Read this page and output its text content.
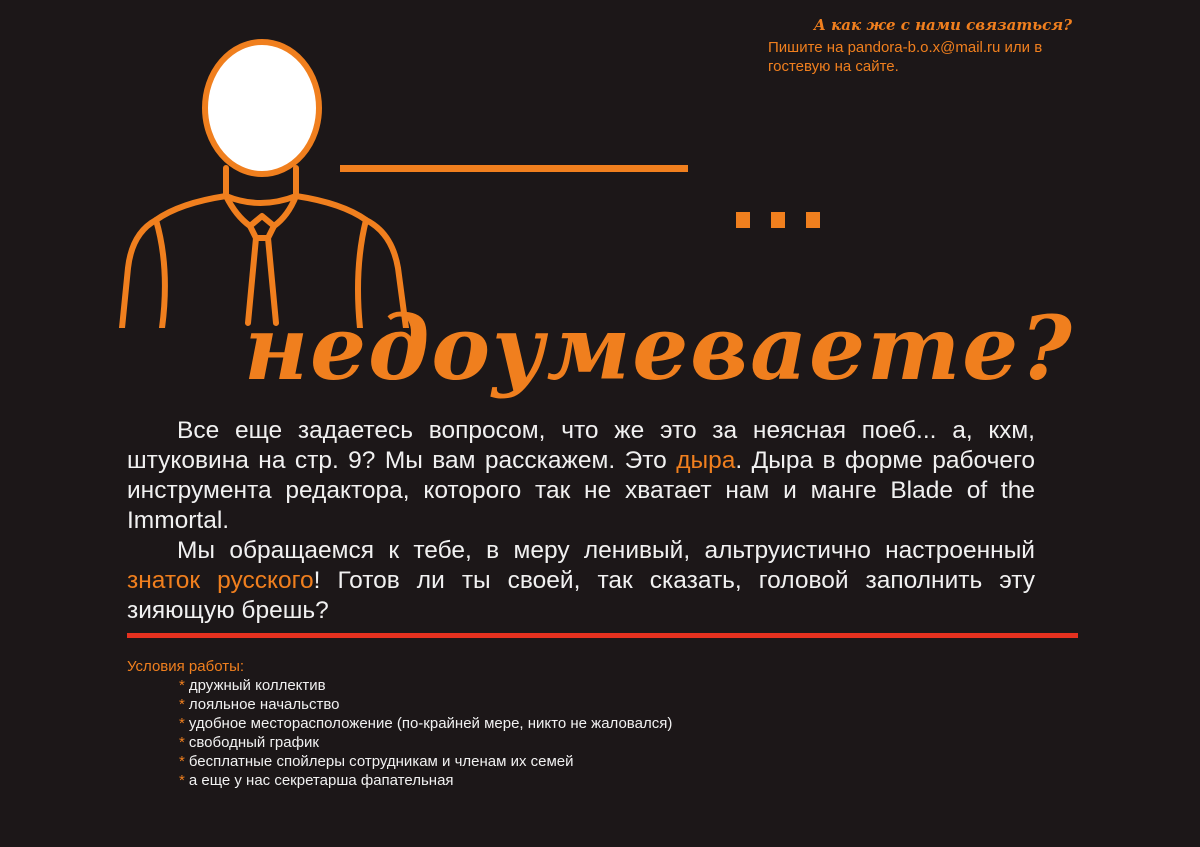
А как же с нами связаться?

Пишите на pandora-b.o.x@mail.ru или в
гостевую на сайте.

недоумеваете?

Все еще задаетесь вопросом, что же это за неясная поеб... а, кхм, штуковина на стр. 9? Мы вам расскажем. Это дыра. Дыра в форме рабочего инструмента редактора, которого так не хватает нам и манге Blade of the Immortal.

Мы обращаемся к тебе, в меру ленивый, альтруистично настроенный знаток русского! Готов ли ты своей, так сказать, головой заполнить эту зияющую брешь?

Условия работы:

* дружный коллектив
* лояльное начальство
* удобное месторасположение (по-крайней мере, никто не жаловался)
* свободный график
* бесплатные спойлеры сотрудникам и членам их семей
* а еще у нас секретарша фапательная
